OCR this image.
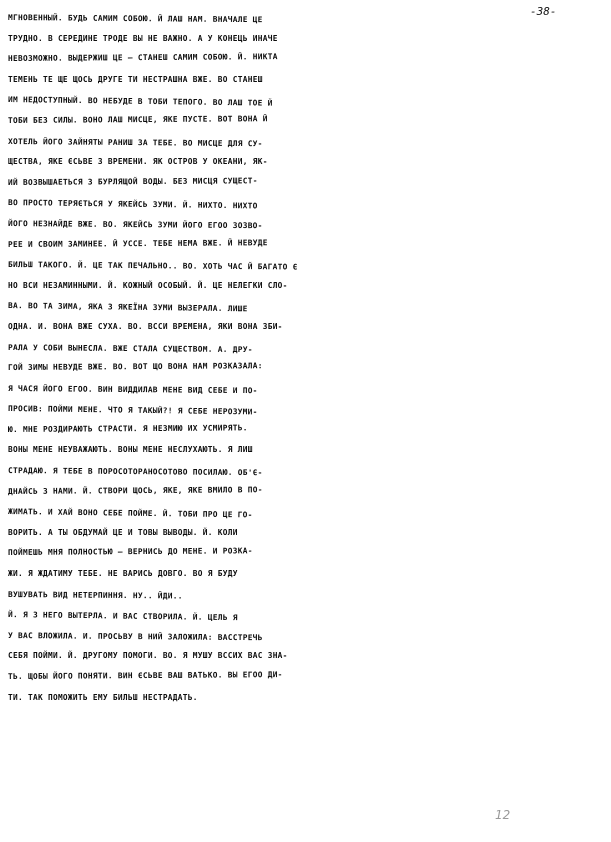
-38-
МГНОВЕННЫЙ. БУДЬ САМИМ СОБОЮ. Й ЛАШ НАМ. ВНАЧАЛЕ ЦЕ
ТРУДНО. В СЕРЕДИНЕ ТРОДЕ ВЫ НЕ ВАЖНО. А У КОНЕЦЬ ИНАЧЕ
НЕВОЗМОЖНО. ВЫДЕРЖИШ ЦЕ — СТАНЕШ САМИМ СОБОЮ. Й. НИКТА
ТЕМЕНЬ ТЕ ЩЕ ЩОСЬ ДРУГЕ ТИ НЕСТРАШНА ВЖЕ. ВО СТАНЕШ
ИМ НЕДОСТУПНЫЙ. ВО НЕБУДЕ В ТОБИ ТЕПОГО. ВО ЛАШ ТОЕ Й
ТОБИ БЕЗ СИЛЫ. ВОНО ЛАШ МИСЦЕ, ЯКЕ ПУСТЕ. ВОТ ВОНА Й
ХОТЕЛЬ ЙОГО ЗАЙНЯТЫ РАНИШ ЗА ТЕБЕ. ВО МИСЦЕ ДЛЯ СУ-
ЩЕСТВА, ЯКЕ ЄСЬВЕ З ВРЕМЕНИ. ЯК ОСТРОВ У ОКЕАНИ, ЯК-
ИЙ ВОЗВЫШАЕТЬСЯ З БУРЛЯЩОЙ ВОДЫ. БЕЗ МИСЦЯ СУЩЕСТ-
ВО ПРОСТО ТЕРЯЄТЬСЯ У ЯКЕЙСЬ ЗУМИ. Й. НИХТО. НИХТО
ЙОГО НЕЗНАЙДЕ ВЖЕ. ВО. ЯКЕЙСЬ ЗУМИ ЙОГО ЕГОО ЗОЗВО-
РЕЕ И СВОИМ ЗАМИНЕЕ. Й УССЕ. ТЕБЕ НЕМА ВЖЕ. Й НЕВУДЕ
БИЛЬШ ТАКОГО. Й. ЦЕ ТАК ПЕЧАЛЬНО.. ВО. ХОТЬ ЧАС Й БАГАТО Є
НО ВСИ НЕЗАМИННЫМИ. Й. КОЖНЫЙ ОСОБЫЙ. Й. ЦЕ НЕЛЕГКИ СЛО-
ВА. ВО ТА ЗИМА, ЯКА З ЯКЕЇНА ЗУМИ ВЫЗЕРАЛА. ЛИШЕ
ОДНА. И. ВОНА ВЖЕ СУХА. ВО. ВССИ ВРЕМЕНА, ЯКИ ВОНА ЗБИ-
РАЛА У СОБИ ВЫНЕСЛА. ВЖЕ СТАЛА СУЩЕСТВОМ. А. ДРУ-
ГОЙ ЗИМЫ НЕВУДЕ ВЖЕ. ВО. ВОТ ЩО ВОНА НАМ РОЗКАЗАЛА:
Я ЧАСЯ ЙОГО ЕГОО. ВИН ВИДДИЛАВ МЕНЕ ВИД СЕБЕ И ПО-
ПРОСИВ: ПОЙМИ МЕНЕ. ЧТО Я ТАКЫЙ?! Я СЕБЕ НЕРОЗУМИ-
Ю. МНЕ РОЗДИРАЮТЬ СТРАСТИ. Я НЕЗМИЮ ИХ УСМИРЯТЬ.
ВОНЫ МЕНЕ НЕУВАЖАЮТЬ. ВОНЫ МЕНЕ НЕСЛУХАЮТЬ. Я ЛИШ
СТРАДАЮ. Я ТЕБЕ В ПОРОСОТОРАНОСОТОВО ПОСИЛАЮ. ОБ'Є-
ДНАЙСЬ З НАМИ. Й. СТВОРИ ЩОСЬ, ЯКЕ, ЯКЕ ВМИЛО В ПО-
ЖИМАТЬ. И ХАЙ ВОНО СЕБЕ ПОЙМЕ. Й. ТОБИ ПРО ЦЕ ГО-
ВОРИТЬ. А ТЫ ОБДУМАЙ ЦЕ И ТОВЫ ВЫВОДЫ. Й. КОЛИ
ПОЙМЕШЬ МНЯ ПОЛНОСТЬЮ — ВЕРНИСЬ ДО МЕНЕ. И РОЗКА-
ЖИ. Я ЖДАТИМУ ТЕБЕ. НЕ ВАРИСЬ ДОВГО. ВО Я БУДУ
ВУШУВАТЬ ВИД НЕТЕРПИННЯ. НУ.. ЙДИ..
Й. Я З НЕГО ВЫТЕРЛА. И ВАС СТВОРИЛА. Й. ЦЕЛЬ Я
У ВАС ВЛОЖИЛА. И. ПРОСЬВУ В НИЙ ЗАЛОЖИЛА: ВАССТРЕЧЬ
СЕБЯ ПОЙМИ. Й. ДРУГОМУ ПОМОГИ. ВО. Я МУШУ ВССИХ ВАС ЗНА-
ТЬ. ЩОБЫ ЙОГО ПОНЯТИ. ВИН ЄСЬВЕ ВАШ ВАТЬКО. ВЫ ЕГОО ДИ-
ТИ. ТАК ПОМОЖИТЬ ЕМУ БИЛЬШ НЕСТРАДАТЬ.
12
